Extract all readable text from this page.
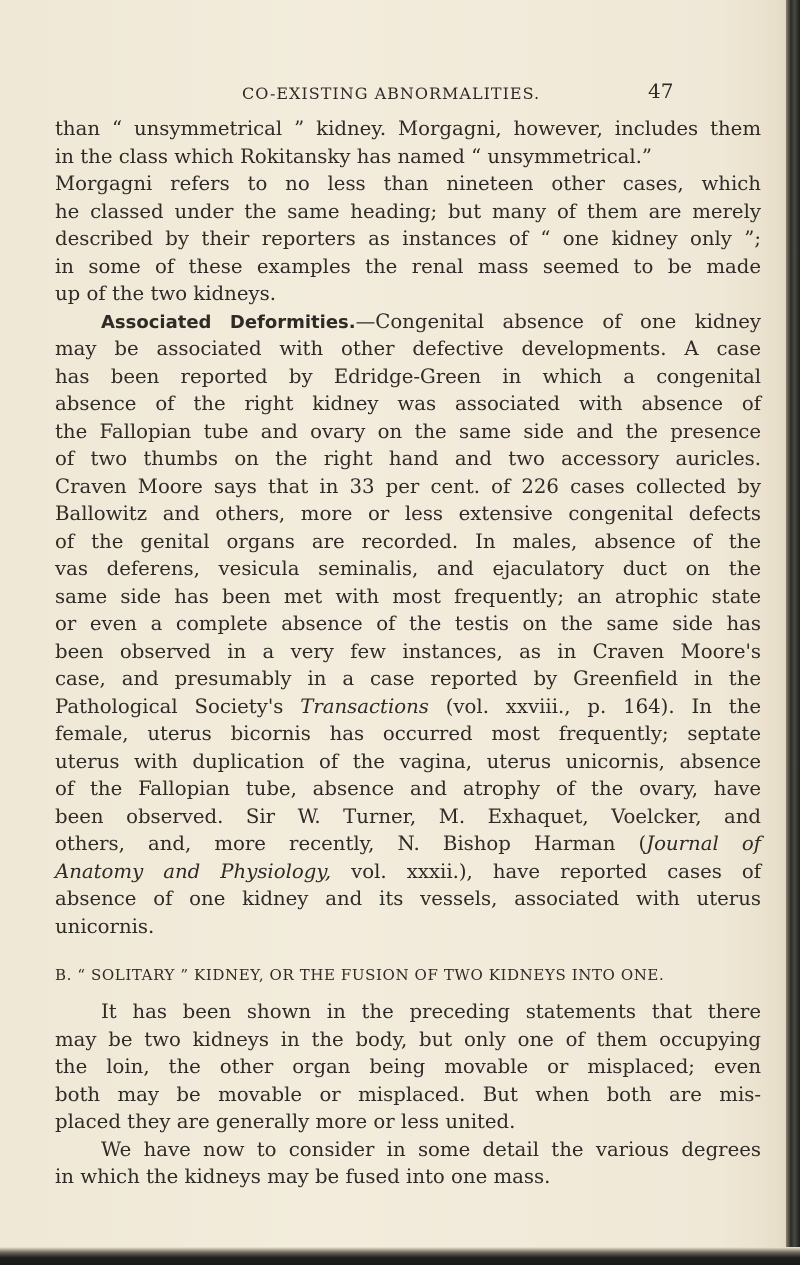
CO-EXISTING ABNORMALITIES.	47
than “ unsymmetrical ” kidney. Morgagni, however, includes them
in the class which Rokitansky has named “ unsymmetrical.”
Morgagni refers to no less than nineteen other cases, which
he classed under the same heading; but many of them are merely
described by their reporters as instances of “ one kidney only ”;
in some of these examples the renal mass seemed to be made
up of the two kidneys.
Associated Deformities.—Congenital absence of one kidney
may be associated with other defective developments. A case
has been reported by Edridge-Green in which a congenital
absence of the right kidney was associated with absence of
the Fallopian tube and ovary on the same side and the presence
of two thumbs on the right hand and two accessory auricles.
Craven Moore says that in 33 per cent. of 226 cases collected by
Ballowitz and others, more or less extensive congenital defects
of the genital organs are recorded. In males, absence of the
vas deferens, vesicula seminalis, and ejaculatory duct on the
same side has been met with most frequently; an atrophic state
or even a complete absence of the testis on the same side has
been observed in a very few instances, as in Craven Moore's
case, and presumably in a case reported by Greenfield in the
Pathological Society's Transactions (vol. xxviii., p. 164). In the
female, uterus bicornis has occurred most frequently; septate
uterus with duplication of the vagina, uterus unicornis, absence
of the Fallopian tube, absence and atrophy of the ovary, have
been observed. Sir W. Turner, M. Exhaquet, Voelcker, and
others, and, more recently, N. Bishop Harman (Journal of
Anatomy and Physiology, vol. xxxii.), have reported cases of
absence of one kidney and its vessels, associated with uterus
unicornis.
B. “ SOLITARY ” KIDNEY, OR THE FUSION OF TWO KIDNEYS INTO ONE.
It has been shown in the preceding statements that there
may be two kidneys in the body, but only one of them occupying
the loin, the other organ being movable or misplaced; even
both may be movable or misplaced. But when both are mis-
placed they are generally more or less united.
We have now to consider in some detail the various degrees
in which the kidneys may be fused into one mass.
